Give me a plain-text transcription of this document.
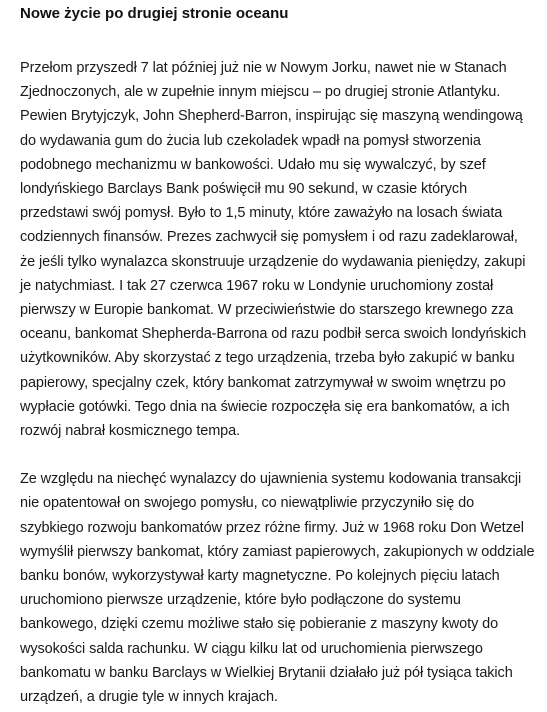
Nowe życie po drugiej stronie oceanu

Przełom przyszedł 7 lat później już nie w Nowym Jorku, nawet nie w Stanach Zjednoczonych, ale w zupełnie innym miejscu – po drugiej stronie Atlantyku. Pewien Brytyjczyk, John Shepherd-Barron, inspirując się maszyną wendingową do wydawania gum do żucia lub czekoladek wpadł na pomysł stworzenia podobnego mechanizmu w bankowości. Udało mu się wywalczyć, by szef londyńskiego Barclays Bank poświęcił mu 90 sekund, w czasie których przedstawi swój pomysł. Było to 1,5 minuty, które zaważyło na losach świata codziennych finansów. Prezes zachwycił się pomysłem i od razu zadeklarował, że jeśli tylko wynalazca skonstruuje urządzenie do wydawania pieniędzy, zakupi je natychmiast. I tak 27 czerwca 1967 roku w Londynie uruchomiony został pierwszy w Europie bankomat. W przeciwieństwie do starszego krewnego zza oceanu, bankomat Shepherda-Barrona od razu podbił serca swoich londyńskich użytkowników. Aby skorzystać z tego urządzenia, trzeba było zakupić w banku papierowy, specjalny czek, który bankomat zatrzymywał w swoim wnętrzu po wypłacie gotówki. Tego dnia na świecie rozpoczęła się era bankomatów, a ich rozwój nabrał kosmicznego tempa.

Ze względu na niechęć wynalazcy do ujawnienia systemu kodowania transakcji nie opatentował on swojego pomysłu, co niewątpliwie przyczyniło się do szybkiego rozwoju bankomatów przez różne firmy. Już w 1968 roku Don Wetzel wymyślił pierwszy bankomat, który zamiast papierowych, zakupionych w oddziale banku bonów, wykorzystywał karty magnetyczne. Po kolejnych pięciu latach uruchomiono pierwsze urządzenie, które było podłączone do systemu bankowego, dzięki czemu możliwe stało się pobieranie z maszyny kwoty do wysokości salda rachunku. W ciągu kilku lat od uruchomienia pierwszego bankomatu w banku Barclays w Wielkiej Brytanii działało już pół tysiąca takich urządzeń, a drugie tyle w innych krajach.
